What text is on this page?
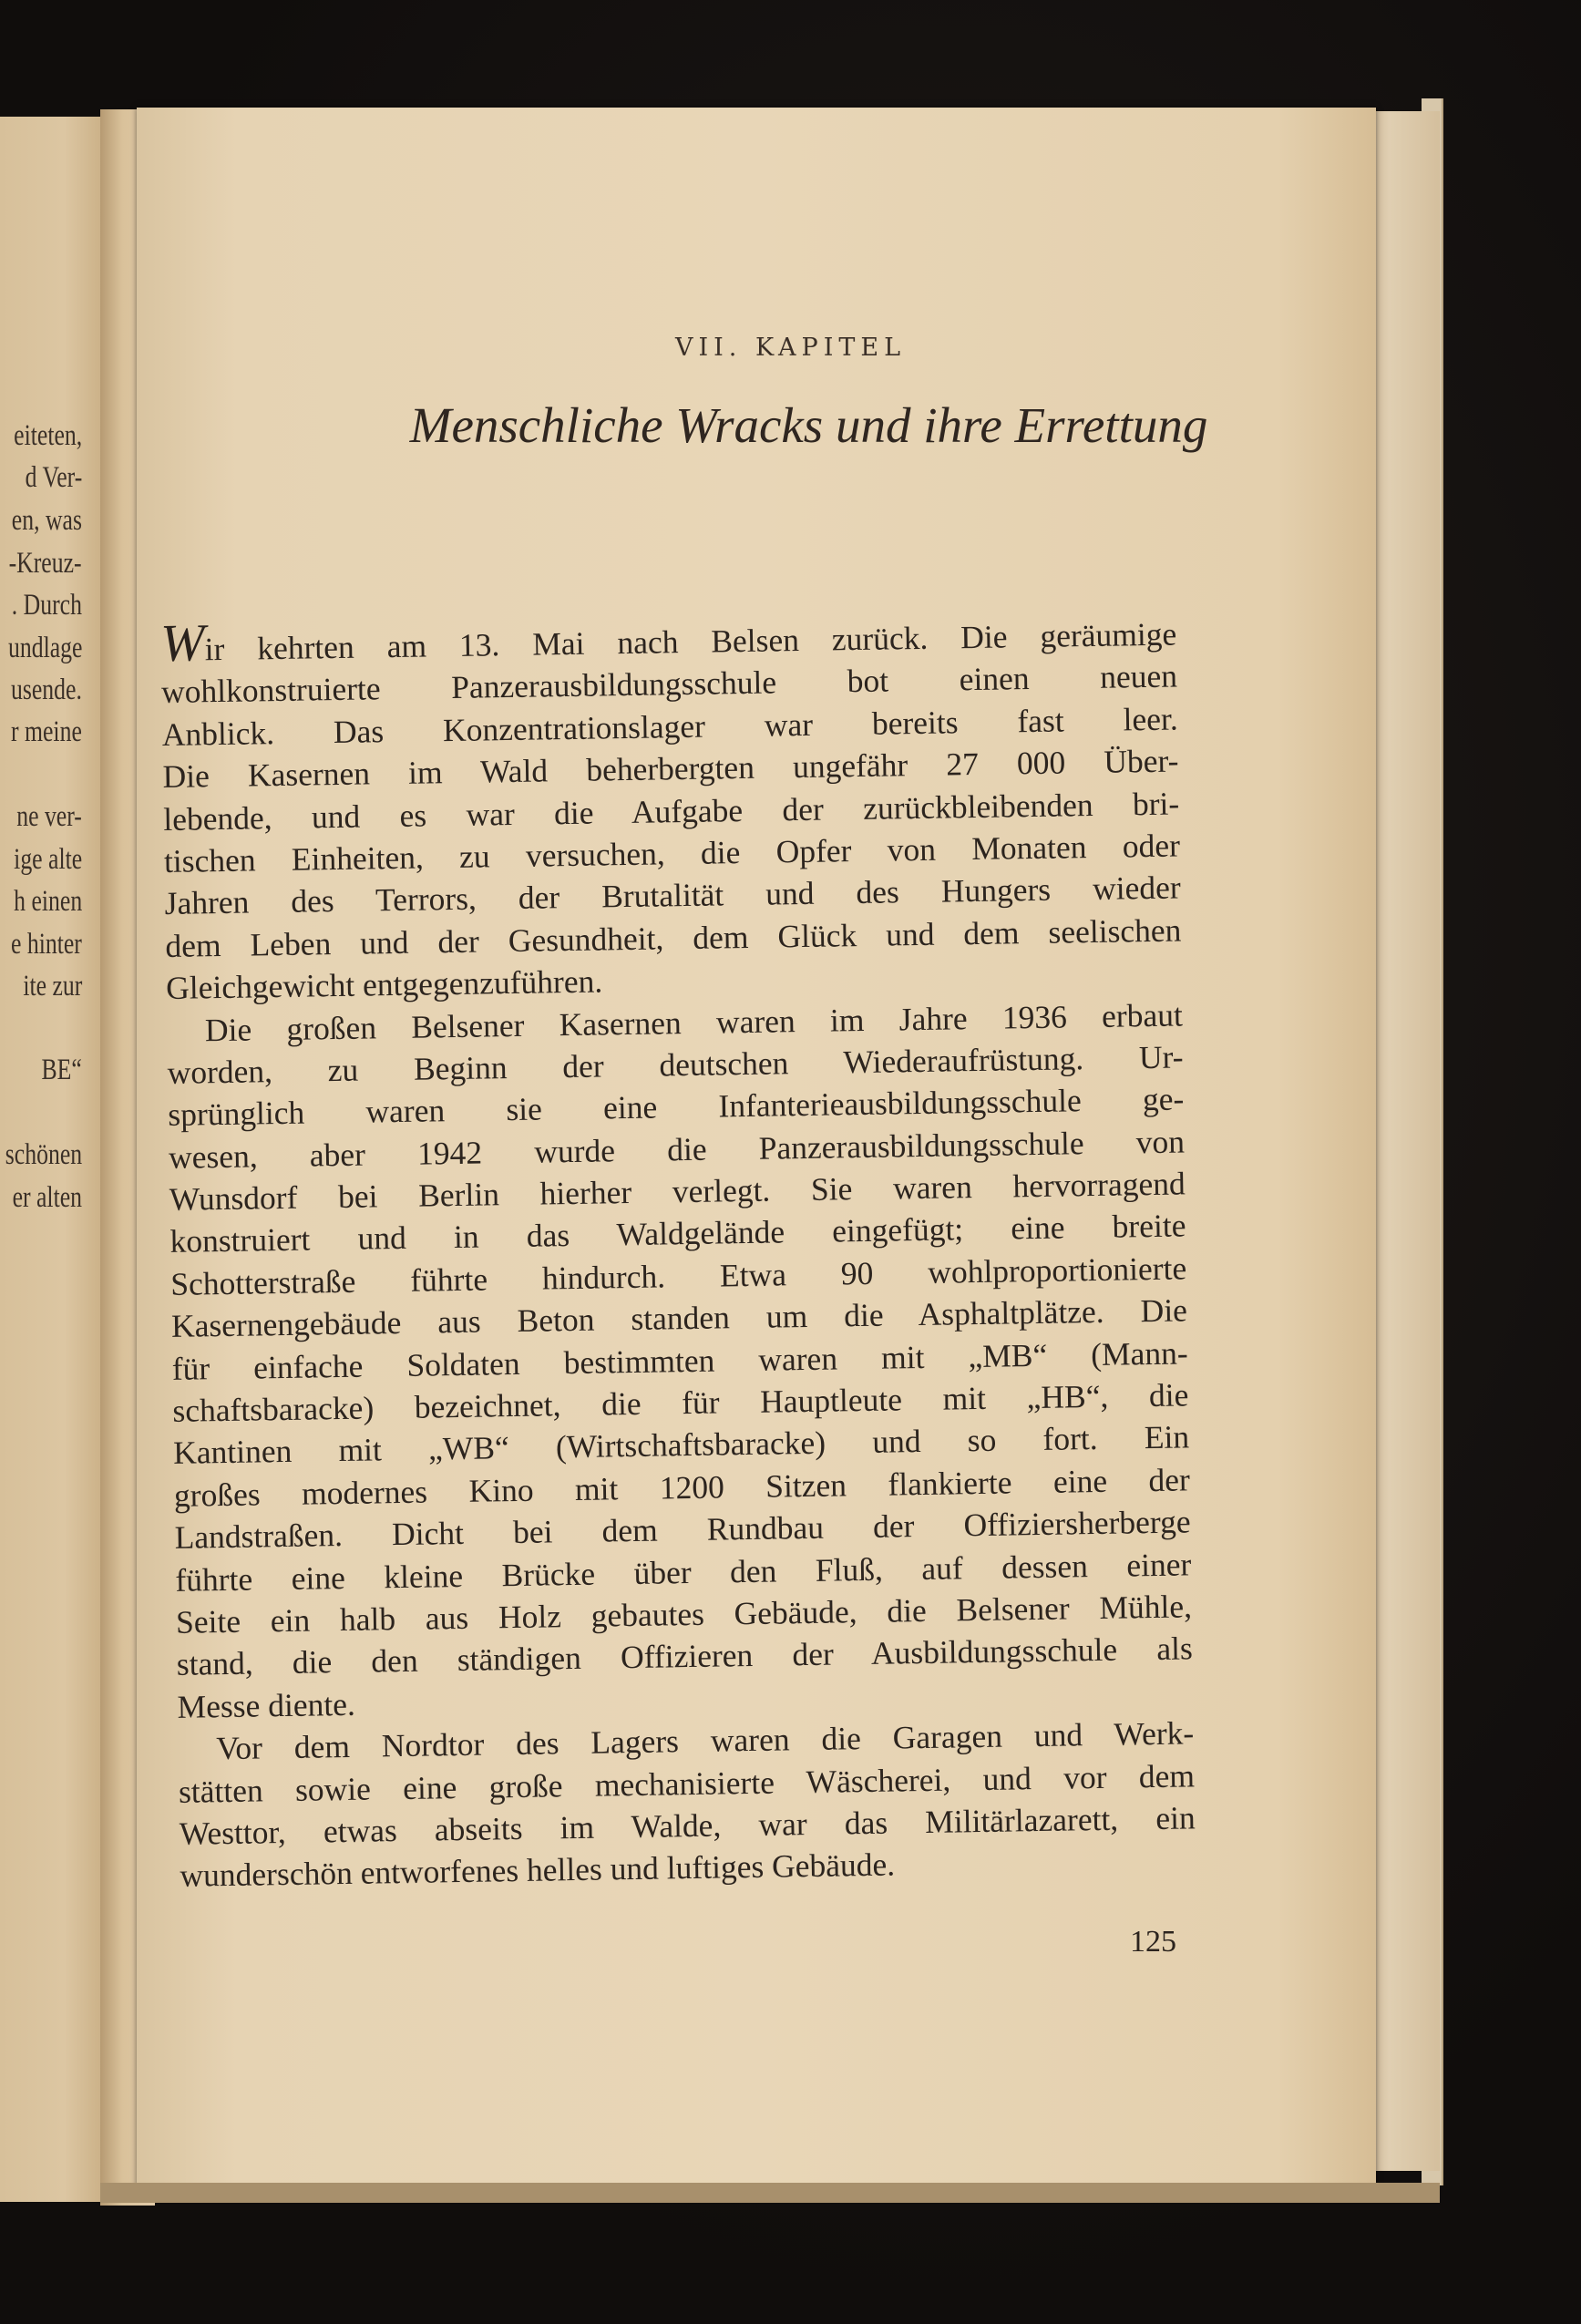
eiteten,
d Ver-
en, was
-Kreuz-
. Durch
undlage
usende.
r meine
ne ver-
ige alte
h einen
e hinter
ite zur
BE“
schönen
er alten
VII. KAPITEL
Menschliche Wracks und ihre Errettung
Wir kehrten am 13. Mai nach Belsen zurück. Die geräumige
wohlkonstruierte Panzerausbildungsschule bot einen neuen
Anblick. Das Konzentrationslager war bereits fast leer.
Die Kasernen im Wald beherbergten ungefähr 27 000 Über-
lebende, und es war die Aufgabe der zurückbleibenden bri-
tischen Einheiten, zu versuchen, die Opfer von Monaten oder
Jahren des Terrors, der Brutalität und des Hungers wieder
dem Leben und der Gesundheit, dem Glück und dem seelischen
Gleichgewicht entgegenzuführen.
Die großen Belsener Kasernen waren im Jahre 1936 erbaut
worden, zu Beginn der deutschen Wiederaufrüstung. Ur-
sprünglich waren sie eine Infanterieausbildungsschule ge-
wesen, aber 1942 wurde die Panzerausbildungsschule von
Wunsdorf bei Berlin hierher verlegt. Sie waren hervorragend
konstruiert und in das Waldgelände eingefügt; eine breite
Schotterstraße führte hindurch. Etwa 90 wohlproportionierte
Kasernengebäude aus Beton standen um die Asphaltplätze. Die
für einfache Soldaten bestimmten waren mit „MB“ (Mann-
schaftsbaracke) bezeichnet, die für Hauptleute mit „HB“, die
Kantinen mit „WB“ (Wirtschaftsbaracke) und so fort. Ein
großes modernes Kino mit 1200 Sitzen flankierte eine der
Landstraßen. Dicht bei dem Rundbau der Offiziersherberge
führte eine kleine Brücke über den Fluß, auf dessen einer
Seite ein halb aus Holz gebautes Gebäude, die Belsener Mühle,
stand, die den ständigen Offizieren der Ausbildungsschule als
Messe diente.
Vor dem Nordtor des Lagers waren die Garagen und Werk-
stätten sowie eine große mechanisierte Wäscherei, und vor dem
Westtor, etwas abseits im Walde, war das Militärlazarett, ein
wunderschön entworfenes helles und luftiges Gebäude.
125
